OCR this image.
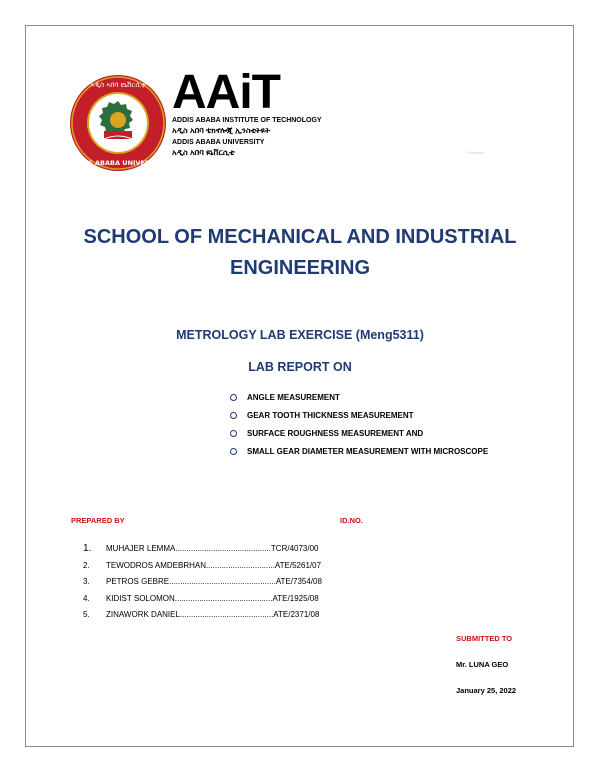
ኣዲስ ኣበባ ዩኒቨርሲቲ
ADDIS ABABA UNIVERSITY
AAiT
ADDIS ABABA INSTITUTE OF TECHNOLOGY
አዲስ አበባ ቴክኖሎጂ ኢንስቲትዩት
ADDIS ABABA UNIVERSITY
አዲስ አበባ ዩኒቨርሲቲ	Powered
SCHOOL OF MECHANICAL AND INDUSTRIAL
ENGINEERING
METROLOGY LAB EXERCISE (Meng5311)
LAB REPORT ON
ANGLE MEASUREMENT
GEAR TOOTH THICKNESS MEASUREMENT
SURFACE ROUGHNESS MEASUREMENT AND
SMALL GEAR DIAMETER MEASUREMENT WITH MICROSCOPE
PREPARED BY	ID.NO.
1. MUHAJER LEMMA...........................................TCR/4073/00
2. TEWODROS AMDEBRHAN...............................ATE/5261/07
3. PETROS GEBRE................................................ATE/7354/08
4. KIDIST SOLOMON............................................ATE/1925/08
5. ZINAWORK DANIEL..........................................ATE/2371/08
SUBMITTED TO
Mr. LUNA GEO
January 25, 2022
